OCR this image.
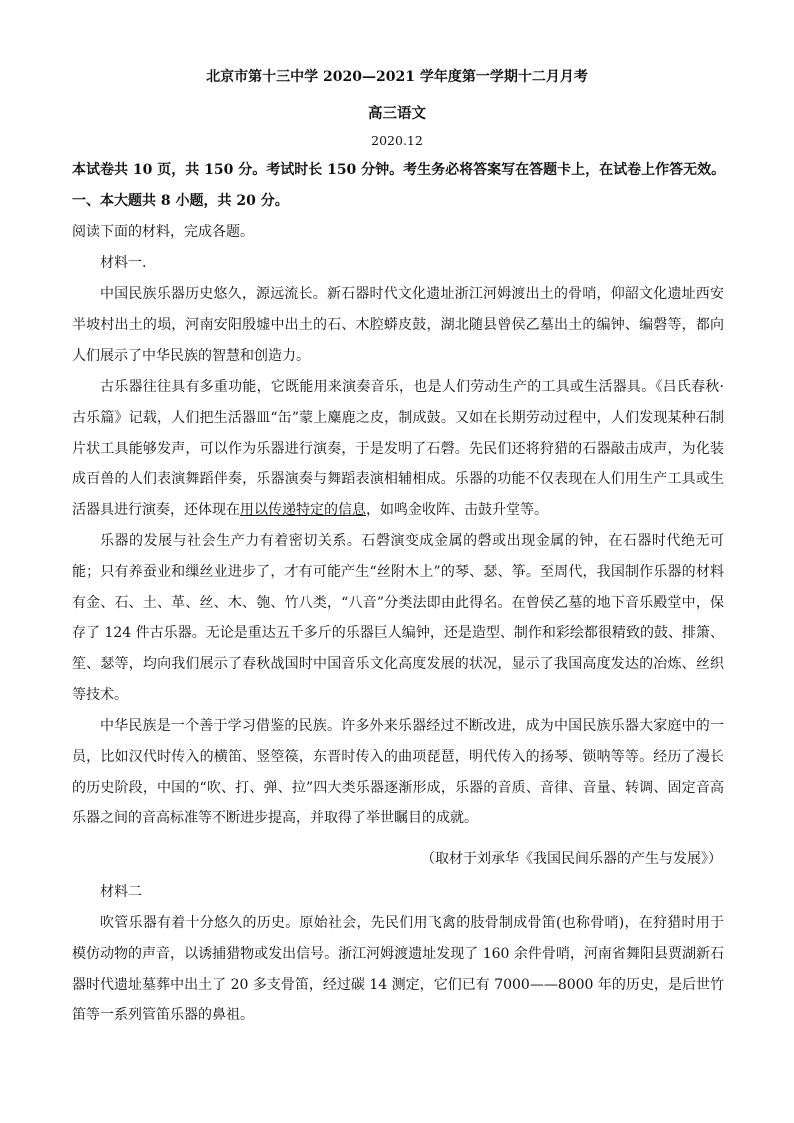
北京市第十三中学 2020—2021 学年度第一学期十二月月考
高三语文
2020.12
本试卷共 10 页，共 150 分。考试时长 150 分钟。考生务必将答案写在答题卡上，在试卷上作答无效。
一、本大题共 8 小题，共 20 分。
阅读下面的材料，完成各题。
材料一.
中国民族乐器历史悠久，源远流长。新石器时代文化遗址浙江河姆渡出土的骨哨，仰韶文化遗址西安半坡村出土的埙，河南安阳殷墟中出土的石、木腔蟒皮鼓，湖北随县曾侯乙墓出土的编钟、编磬等，都向人们展示了中华民族的智慧和创造力。
古乐器往往具有多重功能，它既能用来演奏音乐，也是人们劳动生产的工具或生活器具。《吕氏春秋·古乐篇》记载，人们把生活器皿“缶”蒙上麋鹿之皮，制成鼓。又如在长期劳动过程中，人们发现某种石制片状工具能够发声，可以作为乐器进行演奏，于是发明了石磬。先民们还将狩猎的石器敲击成声，为化装成百兽的人们表演舞蹈伴奏，乐器演奏与舞蹈表演相辅相成。乐器的功能不仅表现在人们用生产工具或生活器具进行演奏，还体现在用以传递特定的信息，如鸣金收阵、击鼓升堂等。
乐器的发展与社会生产力有着密切关系。石磬演变成金属的磬或出现金属的钟，在石器时代绝无可能；只有养蚕业和缫丝业进步了，才有可能产生“丝附木上”的琴、瑟、筝。至周代，我国制作乐器的材料有金、石、土、革、丝、木、匏、竹八类，“八音”分类法即由此得名。在曾侯乙墓的地下音乐殿堂中，保存了 124 件古乐器。无论是重达五千多斤的乐器巨人编钟，还是造型、制作和彩绘都很精致的鼓、排箫、笙、瑟等，均向我们展示了春秋战国时中国音乐文化高度发展的状况，显示了我国高度发达的冶炼、丝织等技术。
中华民族是一个善于学习借鉴的民族。许多外来乐器经过不断改进，成为中国民族乐器大家庭中的一员，比如汉代时传入的横笛、竖箜篌，东晋时传入的曲项琵琶，明代传入的扬琴、锁呐等等。经历了漫长的历史阶段，中国的“吹、打、弹、拉”四大类乐器逐渐形成，乐器的音质、音律、音量、转调、固定音高乐器之间的音高标准等不断进步提高，并取得了举世瞩目的成就。
（取材于刘承华《我国民间乐器的产生与发展》）
材料二
吹管乐器有着十分悠久的历史。原始社会，先民们用飞禽的肢骨制成骨笛(也称骨哨)，在狩猎时用于模仿动物的声音，以诱捕猎物或发出信号。浙江河姆渡遗址发现了 160 余件骨哨，河南省舞阳县贾湖新石器时代遗址墓葬中出土了 20 多支骨笛，经过碳 14 测定，它们已有 7000——8000 年的历史，是后世竹笛等一系列管笛乐器的鼻祖。
